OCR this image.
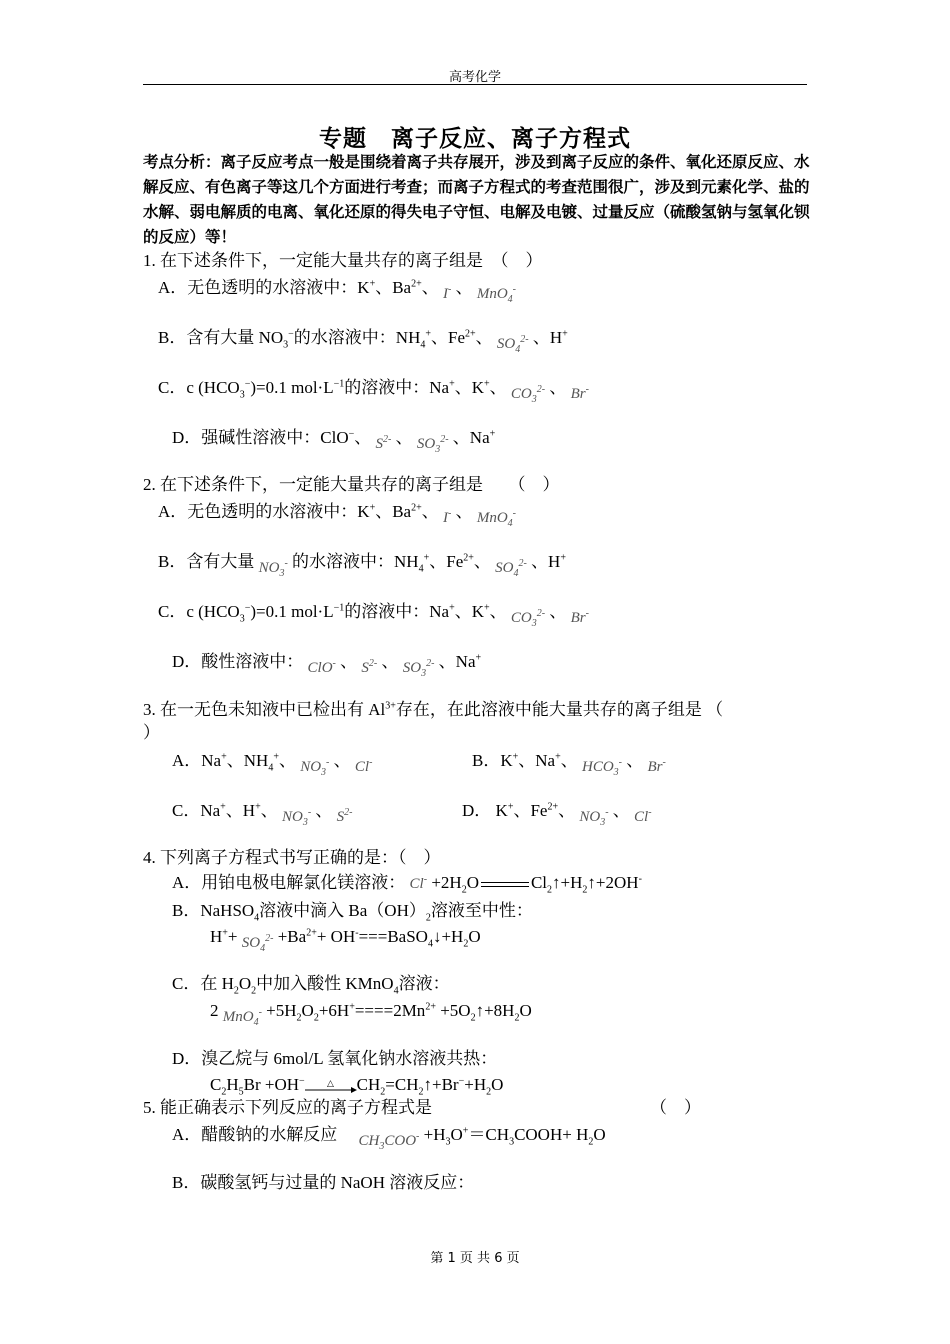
高考化学
专题　离子反应、离子方程式
考点分析：离子反应考点一般是围绕着离子共存展开，涉及到离子反应的条件、氧化还原反应、水解反应、有色离子等这几个方面进行考查；而离子方程式的考查范围很广，涉及到元素化学、盐的水解、弱电解质的电离、氧化还原的得失电子守恒、电解及电镀、过量反应（硫酸氢钠与氢氧化钡的反应）等！
1. 在下述条件下，一定能大量共存的离子组是　（　）
A．无色透明的水溶液中：K+、$Ba^{2+}$、 I- 、 MnO$_4$-
B．含有大量 $NO_3^-$的水溶液中：$NH_4^+$、$Fe^{2+}$、 $SO_4^{2-}$ 、H+
C．c $(HCO_3^-)=0.1$ $mol\cdot L^{-1}$的溶液中：Na+、K+、 $CO_3^{2-}$ 、 Br-
D．强碱性溶液中：ClO−、 $S^{2-}$ 、 $SO_3^{2-}$ 、Na+
2. 在下述条件下，一定能大量共存的离子组是　　（　）
A．无色透明的水溶液中：K+、$Ba^{2+}$、 I- 、 MnO$_4$-
B．含有大量 $NO_3^-$ 的水溶液中：$NH_4^+$、$Fe^{2+}$、 $SO_4^{2-}$ 、H+
C．c $(HCO_3^-)=0.1$ $mol\cdot L^{-1}$的溶液中：Na+、K+、 $CO_3^{2-}$ 、 Br-
D．酸性溶液中： ClO- 、 $S^{2-}$ 、 $SO_3^{2-}$ 、Na+
3. 在一无色未知液中已检出有 $Al^{3+}$存在，在此溶液中能大量共存的离子组是 （
）
A．Na+、$NH_4^+$、 $NO_3^-$ 、 Cl-	B．K+、Na+、 $HCO_3^-$ 、 Br-
C．Na+、H+、 $NO_3^-$ 、 $S^{2-}$	D． K+、$Fe^{2+}$、 $NO_3^-$ 、 Cl-
4. 下列离子方程式书写正确的是：（　）
A．用铂电极电解氯化镁溶液： $Cl^- +2H_2O$	$Cl_2↑+H_2↑+2OH^-$
B．NaHSO$_4$溶液中滴入 $Ba(OH)_2$溶液至中性：
$H^++ SO_4^{2-} +Ba^{2+}+$ $OH^-===BaSO_4↓+H_2O$
C．在 $H_2O_2$中加入酸性 KMnO$_4$溶液：
2 $MnO_4^- +5H_2O_2+6H^+====2Mn^{2+}$ $+5O_2↑+8H_2O$
D．溴乙烷与 6mol/L 氢氧化钠水溶液共热：
$C_2H_5Br +OH^-$ △ $CH_2=CH_2↑+Br^-+H_2O$
5. 能正确表示下列反应的离子方程式是	（　）
A．醋酸钠的水解反应　 $CH_3COO^-$ $+H_3O^+=CH_3COOH+ H_2O$
B．碳酸氢钙与过量的 NaOH 溶液反应：
第 1 页 共 6 页
